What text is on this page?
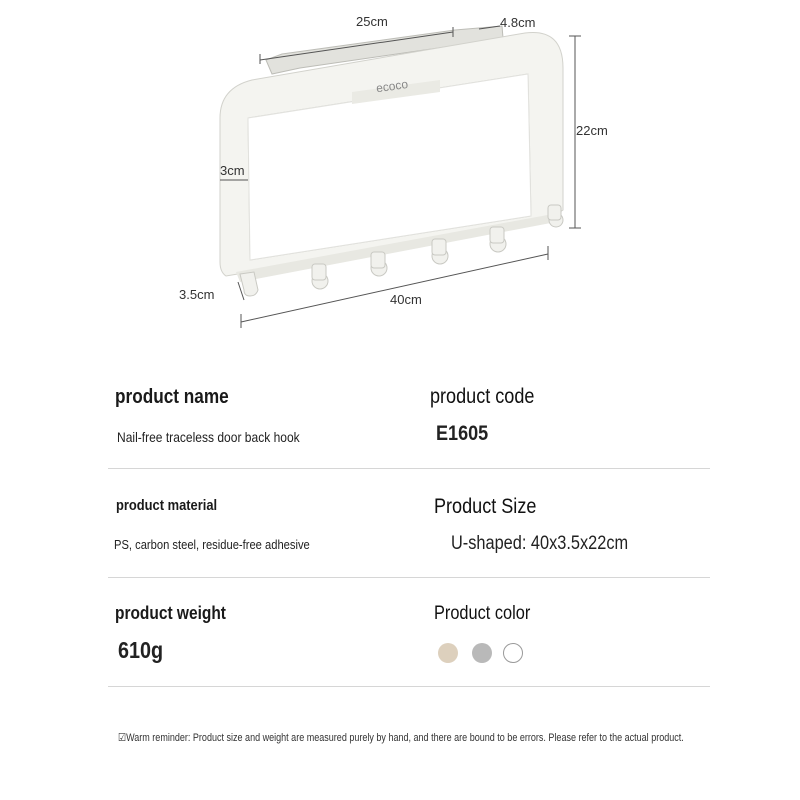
ecoco
25cm	4.8cm
22cm
3cm
3.5cm	40cm
product name
Nail-free traceless door back hook
product code
E1605
product material
PS, carbon steel, residue-free adhesive
Product Size
U-shaped: 40x3.5x22cm
product weight
610g
Product color
☑Warm reminder: Product size and weight are measured purely by hand, and there are bound to be errors. Please refer to the actual product.
